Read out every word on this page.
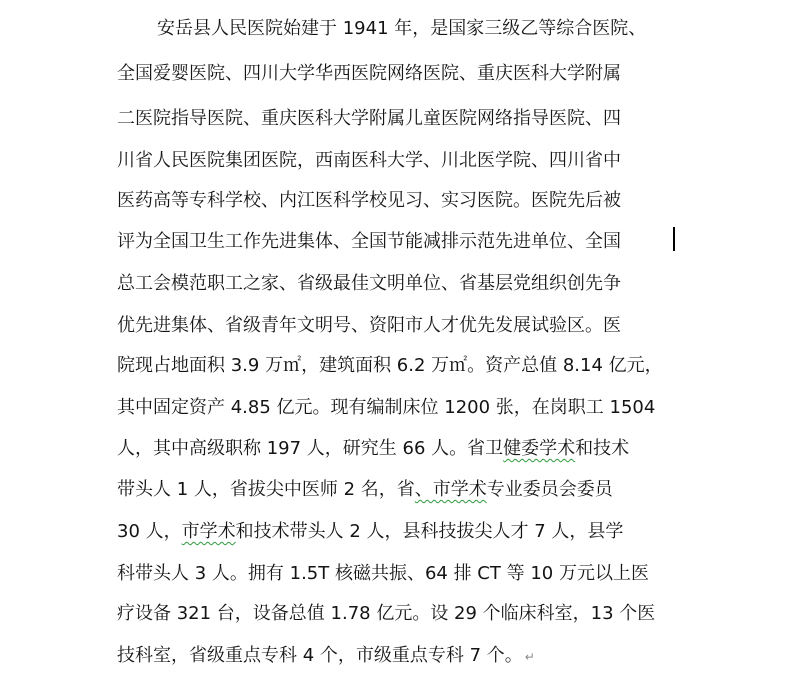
安岳县人民医院始建于 1941 年，是国家三级乙等综合医院、
全国爱婴医院、四川大学华西医院网络医院、重庆医科大学附属
二医院指导医院、重庆医科大学附属儿童医院网络指导医院、四
川省人民医院集团医院，西南医科大学、川北医学院、四川省中
医药高等专科学校、内江医科学校见习、实习医院。医院先后被
评为全国卫生工作先进集体、全国节能减排示范先进单位、全国
总工会模范职工之家、省级最佳文明单位、省基层党组织创先争
优先进集体、省级青年文明号、资阳市人才优先发展试验区。医
院现占地面积 3.9 万㎡，建筑面积 6.2 万㎡。资产总值 8.14 亿元，
其中固定资产 4.85 亿元。现有编制床位 1200 张，在岗职工 1504
人，其中高级职称 197 人，研究生 66 人。省卫健委学术和技术
带头人 1 人，省拔尖中医师 2 名，省、市学术专业委员会委员
30 人，市学术和技术带头人 2 人，县科技拔尖人才 7 人，县学
科带头人 3 人。拥有 1.5T 核磁共振、64 排 CT 等 10 万元以上医
疗设备 321 台，设备总值 1.78 亿元。设 29 个临床科室，13 个医
技科室，省级重点专科 4 个，市级重点专科 7 个。 ↵
